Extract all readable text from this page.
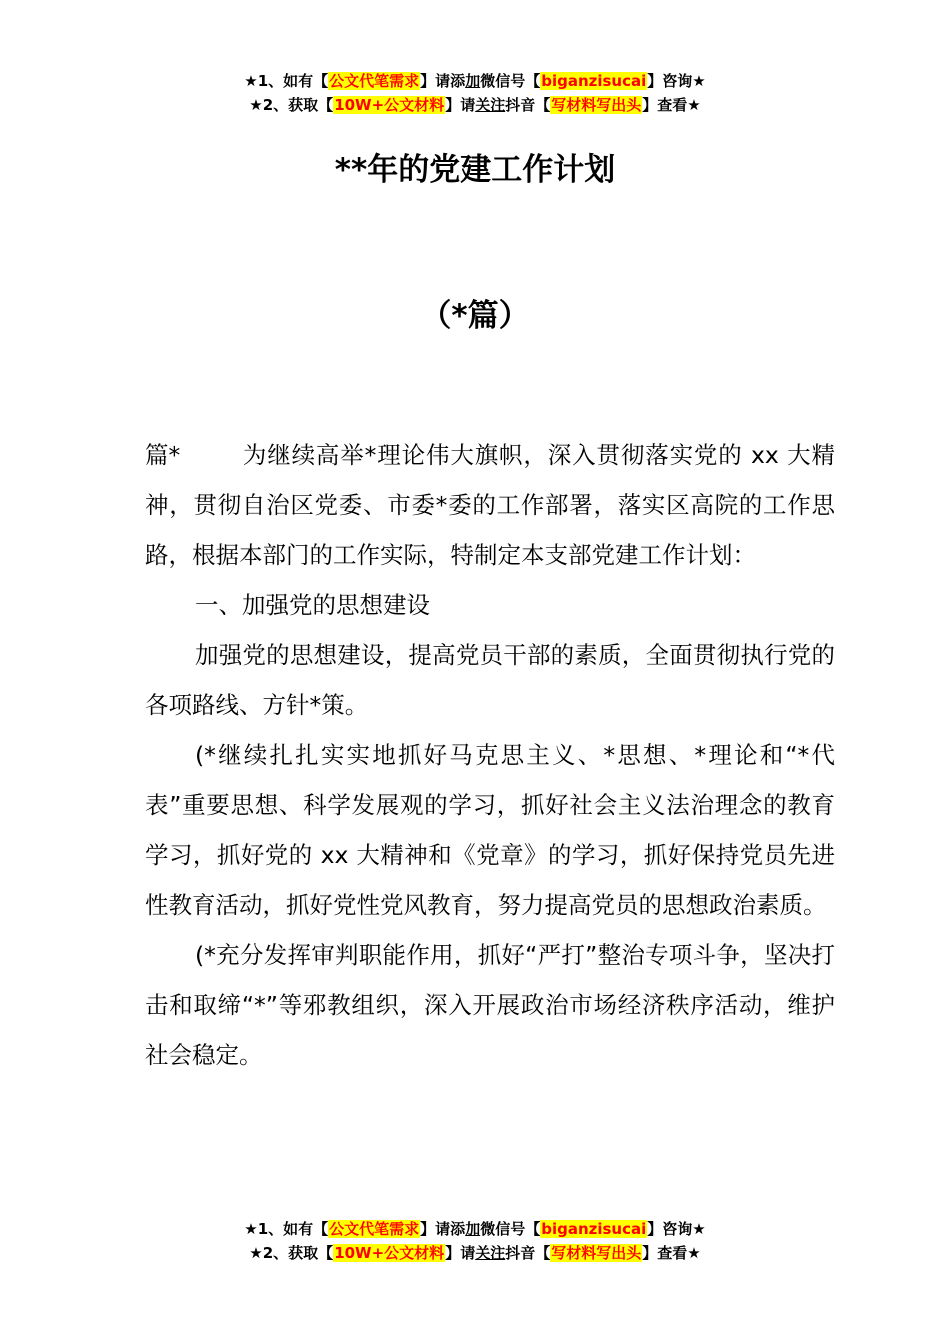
★1、如有【公文代笔需求】请添加微信号【biganzisucai】咨询★
★2、获取【10W+公文材料】请关注抖音【写材料写出头】查看★
**年的党建工作计划
（*篇）

篇*	为继续高举*理论伟大旗帜，深入贯彻落实党的 xx 大精神，贯彻自治区党委、市委*委的工作部署，落实区高院的工作思路，根据本部门的工作实际，特制定本支部党建工作计划：

一、加强党的思想建设

加强党的思想建设，提高党员干部的素质，全面贯彻执行党的各项路线、方针*策。

(*继续扎扎实实地抓好马克思主义、*思想、*理论和“*代表”重要思想、科学发展观的学习，抓好社会主义法治理念的教育学习，抓好党的 xx 大精神和《党章》的学习，抓好保持党员先进性教育活动，抓好党性党风教育，努力提高党员的思想政治素质。

(*充分发挥审判职能作用，抓好“严打”整治专项斗争，坚决打击和取缔“*”等邪教组织，深入开展政治市场经济秩序活动，维护社会稳定。

★1、如有【公文代笔需求】请添加微信号【biganzisucai】咨询★
★2、获取【10W+公文材料】请关注抖音【写材料写出头】查看★
